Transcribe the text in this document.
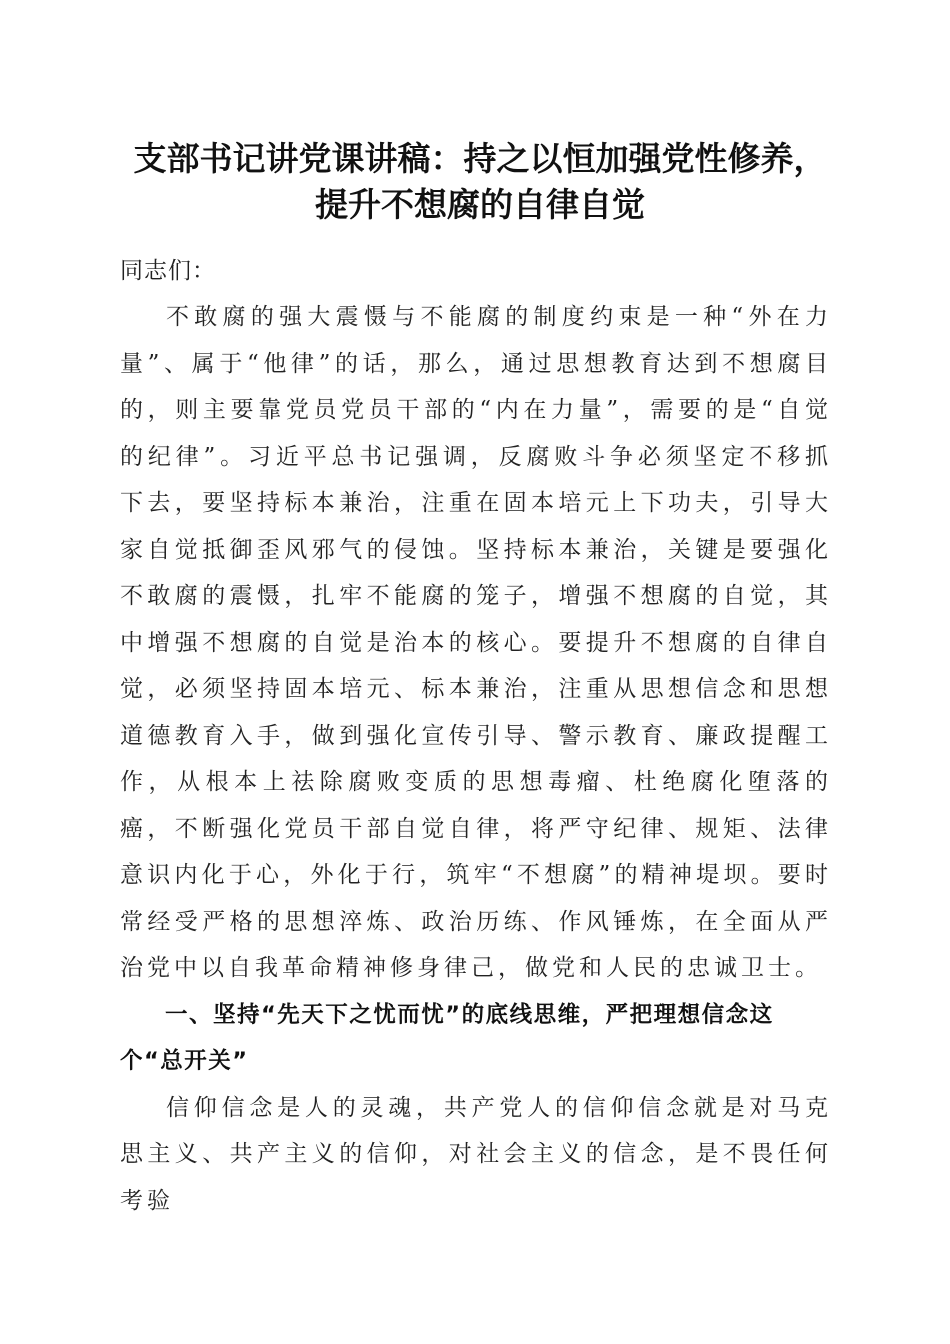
支部书记讲党课讲稿：持之以恒加强党性修养，
提升不想腐的自律自觉

同志们：

不敢腐的强大震慑与不能腐的制度约束是一种“外在力量”、属于“他律”的话，那么，通过思想教育达到不想腐目的，则主要靠党员党员干部的“内在力量”，需要的是“自觉的纪律”。习近平总书记强调，反腐败斗争必须坚定不移抓下去，要坚持标本兼治，注重在固本培元上下功夫，引导大家自觉抵御歪风邪气的侵蚀。坚持标本兼治，关键是要强化不敢腐的震慑，扎牢不能腐的笼子，增强不想腐的自觉，其中增强不想腐的自觉是治本的核心。要提升不想腐的自律自觉，必须坚持固本培元、标本兼治，注重从思想信念和思想道德教育入手，做到强化宣传引导、警示教育、廉政提醒工作，从根本上祛除腐败变质的思想毒瘤、杜绝腐化堕落的癌，不断强化党员干部自觉自律，将严守纪律、规矩、法律意识内化于心，外化于行，筑牢“不想腐”的精神堤坝。要时常经受严格的思想淬炼、政治历练、作风锤炼，在全面从严治党中以自我革命精神修身律己，做党和人民的忠诚卫士。

一、坚持“先天下之忧而忧”的底线思维，严把理想信念这个“总开关”

信仰信念是人的灵魂，共产党人的信仰信念就是对马克思主义、共产主义的信仰，对社会主义的信念，是不畏任何考验
